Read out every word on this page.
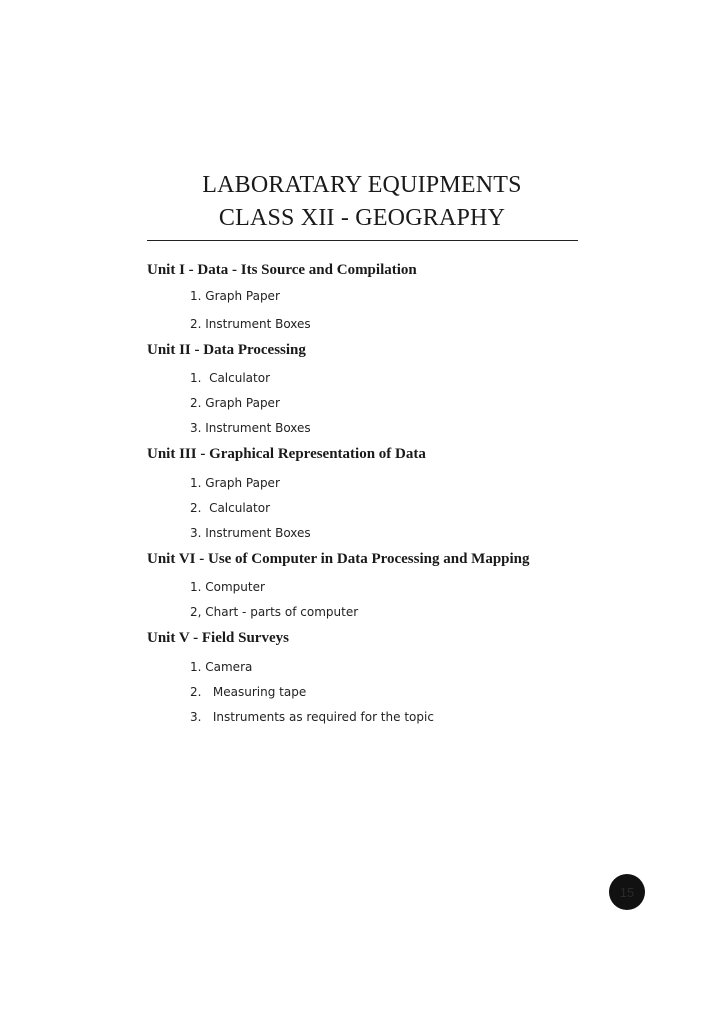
LABORATARY EQUIPMENTS
CLASS XII - GEOGRAPHY
Unit I - Data - Its Source and Compilation
1. Graph Paper
2. Instrument Boxes
Unit II - Data Processing
1.  Calculator
2. Graph Paper
3. Instrument Boxes
Unit III - Graphical Representation of Data
1. Graph Paper
2.  Calculator
3. Instrument Boxes
Unit VI - Use of Computer in Data Processing and Mapping
1. Computer
2, Chart - parts of computer
Unit V - Field Surveys
1. Camera
2.   Measuring tape
3.   Instruments as required for the topic
15
